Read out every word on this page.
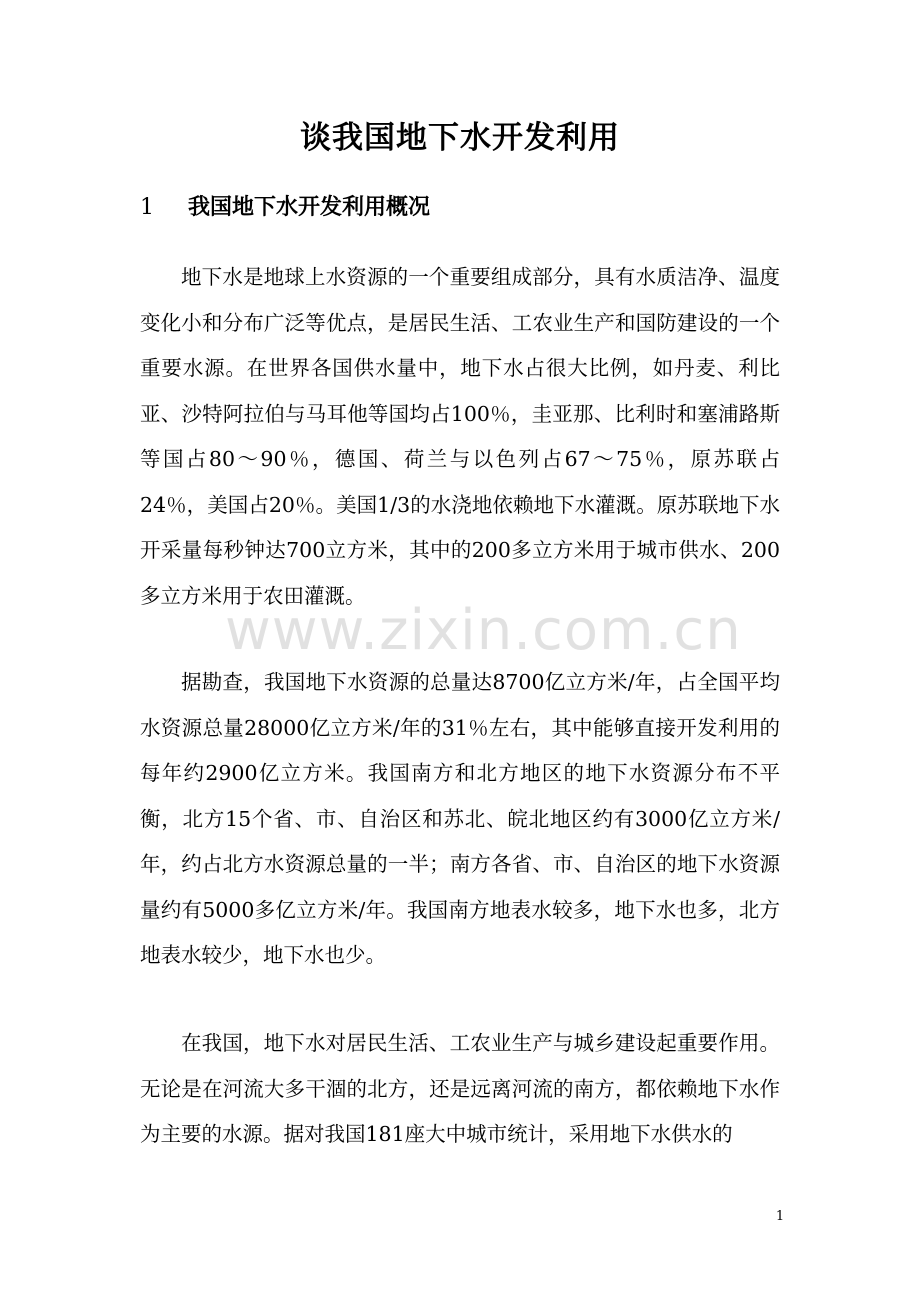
谈我国地下水开发利用
1 我国地下水开发利用概况

地下水是地球上水资源的一个重要组成部分，具有水质洁净、温度变化小和分布广泛等优点，是居民生活、工农业生产和国防建设的一个重要水源。在世界各国供水量中，地下水占很大比例，如丹麦、利比亚、沙特阿拉伯与马耳他等国均占100％，圭亚那、比利时和塞浦路斯等国占80～90％，德国、荷兰与以色列占67～75％，原苏联占24％，美国占20％。美国1/3的水浇地依赖地下水灌溉。原苏联地下水开采量每秒钟达700立方米，其中的200多立方米用于城市供水、200多立方米用于农田灌溉。

www.zixin.com.cn

据勘查，我国地下水资源的总量达8700亿立方米/年，占全国平均水资源总量28000亿立方米/年的31％左右，其中能够直接开发利用的每年约2900亿立方米。我国南方和北方地区的地下水资源分布不平衡，北方15个省、市、自治区和苏北、皖北地区约有3000亿立方米/年，约占北方水资源总量的一半；南方各省、市、自治区的地下水资源量约有5000多亿立方米/年。我国南方地表水较多，地下水也多，北方地表水较少，地下水也少。

在我国，地下水对居民生活、工农业生产与城乡建设起重要作用。无论是在河流大多干涸的北方，还是远离河流的南方，都依赖地下水作为主要的水源。据对我国181座大中城市统计，采用地下水供水的

1
